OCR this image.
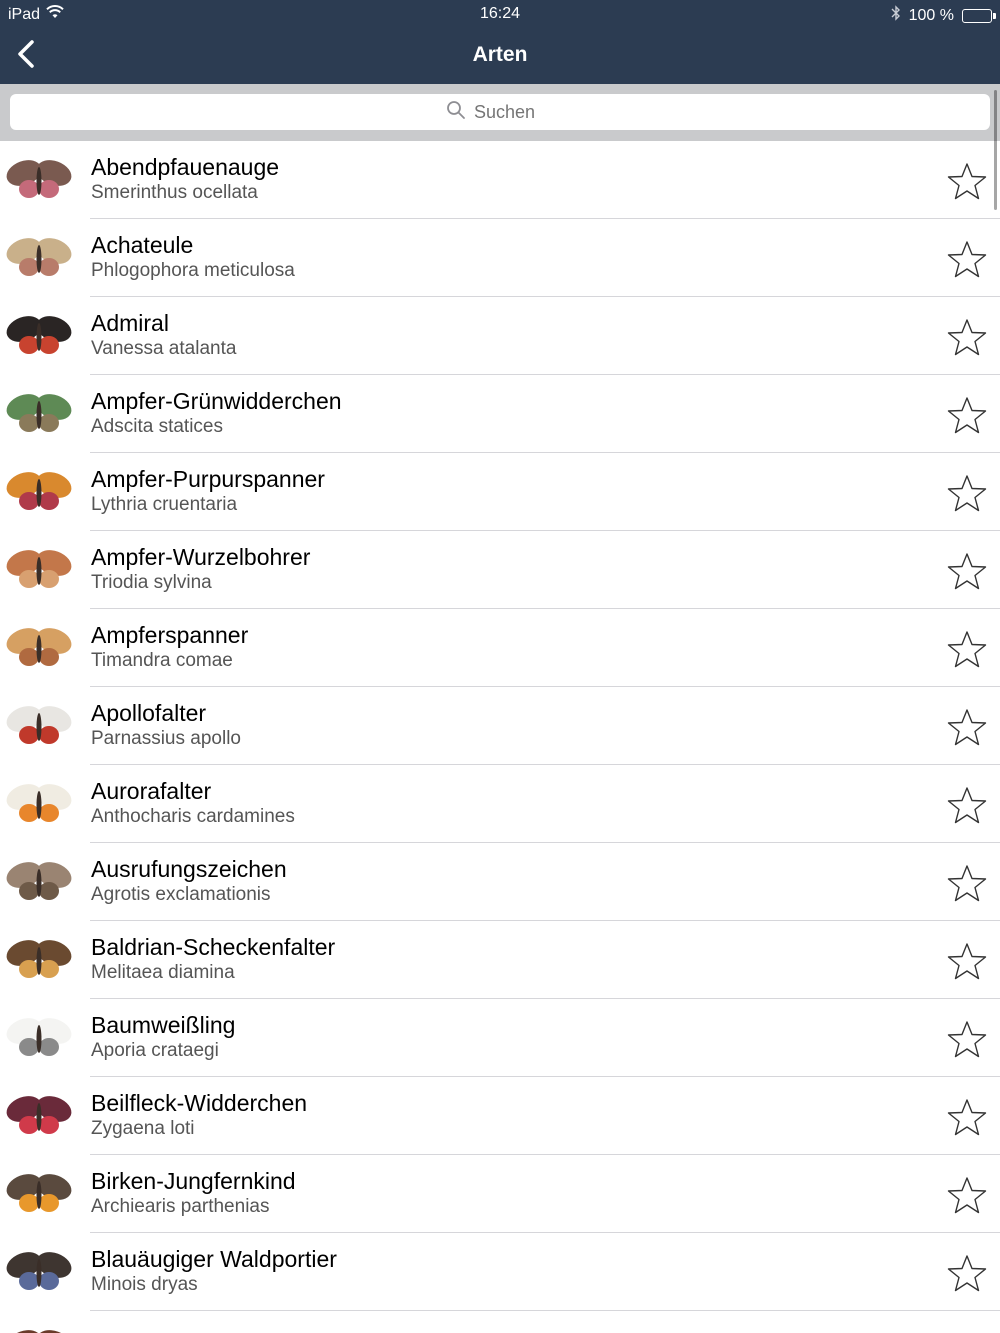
iPad	16:24	100 %
Arten
Suchen
Abendpfauenauge
Smerinthus ocellata
Achateule
Phlogophora meticulosa
Admiral
Vanessa atalanta
Ampfer-Grünwidderchen
Adscita statices
Ampfer-Purpurspanner
Lythria cruentaria
Ampfer-Wurzelbohrer
Triodia sylvina
Ampferspanner
Timandra comae
Apollofalter
Parnassius apollo
Aurorafalter
Anthocharis cardamines
Ausrufungszeichen
Agrotis exclamationis
Baldrian-Scheckenfalter
Melitaea diamina
Baumweißling
Aporia crataegi
Beilfleck-Widderchen
Zygaena loti
Birken-Jungfernkind
Archiearis parthenias
Blauäugiger Waldportier
Minois dryas
